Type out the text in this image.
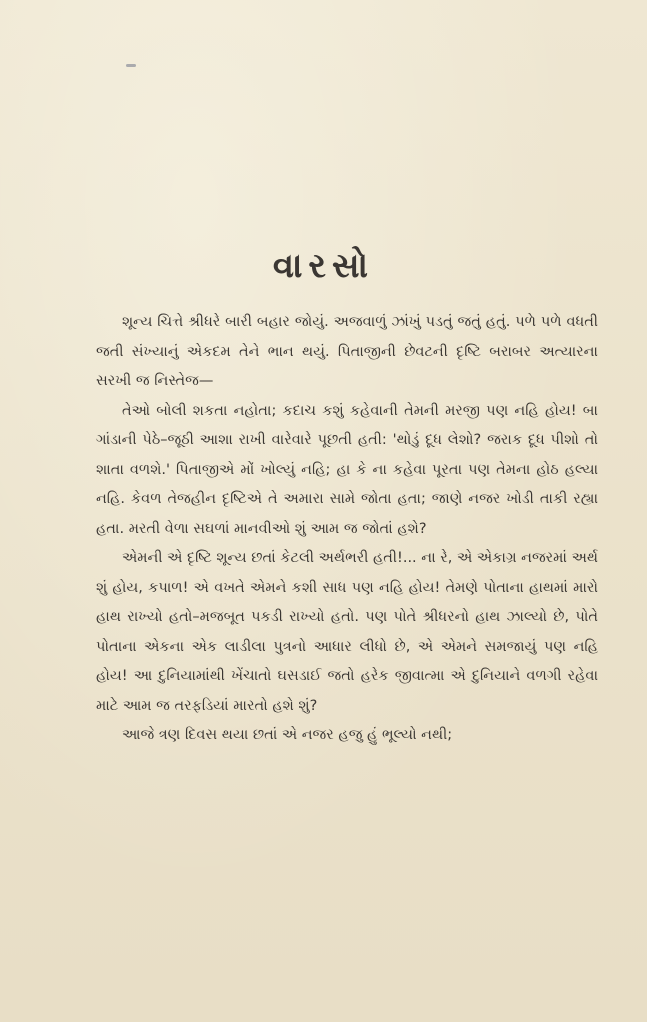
વારસો

શૂન્ય ચિત્તે શ્રીધરે બારી બહાર જોયું. અજવાળું ઝાંખું પડતું જતું હતું. પળે પળે વધતી જતી સંખ્યાનું એકદમ તેને ભાન થયું. પિતાજીની છેવટની દૃષ્ટિ બરાબર અત્યારના સરખી જ નિસ્તેજ—

તેઓ બોલી શકતા નહોતા; કદાચ કશું કહેવાની તેમની મરજી પણ નહિ હોય! બા ગાંડાની પેઠે–જૂઠી આશા રાખી વારેવારે પૂછતી હતી: 'થોડું દૂધ લેશો? જરાક દૂધ પીશો તો શાતા વળશે.' પિતાજીએ મોં ખોલ્યું નહિ; હા કે ના કહેવા પૂરતા પણ તેમના હોઠ હલ્યા નહિ. કેવળ તેજહીન દૃષ્ટિએ તે અમારા સામે જોતા હતા; જાણે નજર ખોડી તાકી રહ્યા હતા. મરતી વેળા સઘળાં માનવીઓ શું આમ જ જોતાં હશે?

એમની એ દૃષ્ટિ શૂન્ય છતાં કેટલી અર્થભરી હતી!... ના રે, એ એકાગ્ર નજરમાં અર્થ શું હોય, કપાળ! એ વખતે એમને કશી સાધ પણ નહિ હોય! તેમણે પોતાના હાથમાં મારો હાથ રાખ્યો હતો–મજબૂત પકડી રાખ્યો હતો. પણ પોતે શ્રીધરનો હાથ ઝાલ્યો છે, પોતે પોતાના એકના એક લાડીલા પુત્રનો આધાર લીધો છે, એ એમને સમજાયું પણ નહિ હોય! આ દુનિયામાંથી ખેંચાતો ઘસડાઈ જતો હરેક જીવાત્મા એ દુનિયાને વળગી રહેવા માટે આમ જ તરફડિયાં મારતો હશે શું?

આજે ત્રણ દિવસ થયા છતાં એ નજર હજુ હું ભૂલ્યો નથી;
